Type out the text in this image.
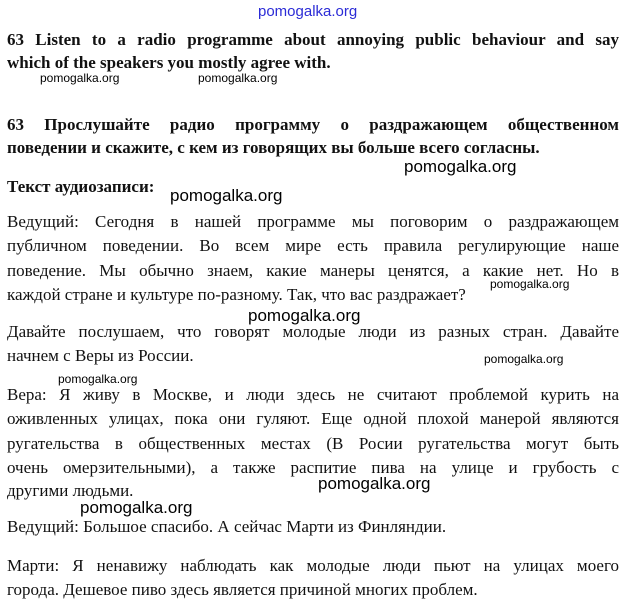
pomogalka.org
63 Listen to a radio programme about annoying public behaviour and say
which of the speakers you mostly agree with.
pomogalka.org	pomogalka.org
63 Прослушайте радио программу о раздражающем общественном
поведении и скажите, с кем из говорящих вы больше всего согласны.
pomogalka.org
Текст аудиозаписи: pomogalka.org
Ведущий: Сегодня в нашей программе мы поговорим о раздражающем
публичном поведении. Во всем мире есть правила регулирующие наше
поведение. Мы обычно знаем, какие манеры ценятся, а какие нет. Но в
каждой стране и культуре по-разному. Так, что вас раздражает?
pomogalka.org
pomogalka.org
Давайте послушаем, что говорят молодые люди из разных стран. Давайте
начнем с Веры из России.	pomogalka.org
pomogalka.org
Вера: Я живу в Москве, и люди здесь не считают проблемой курить на
оживленных улицах, пока они гуляют. Еще одной плохой манерой являются
ругательства в общественных местах (В Росии ругательства могут быть
очень омерзительными), а также распитие пива на улице и грубость с
другими людьми.	pomogalka.org
pomogalka.org
Ведущий: Большое спасибо. А сейчас Марти из Финляндии.
Марти: Я ненавижу наблюдать как молодые люди пьют на улицах моего
города. Дешевое пиво здесь является причиной многих проблем.
